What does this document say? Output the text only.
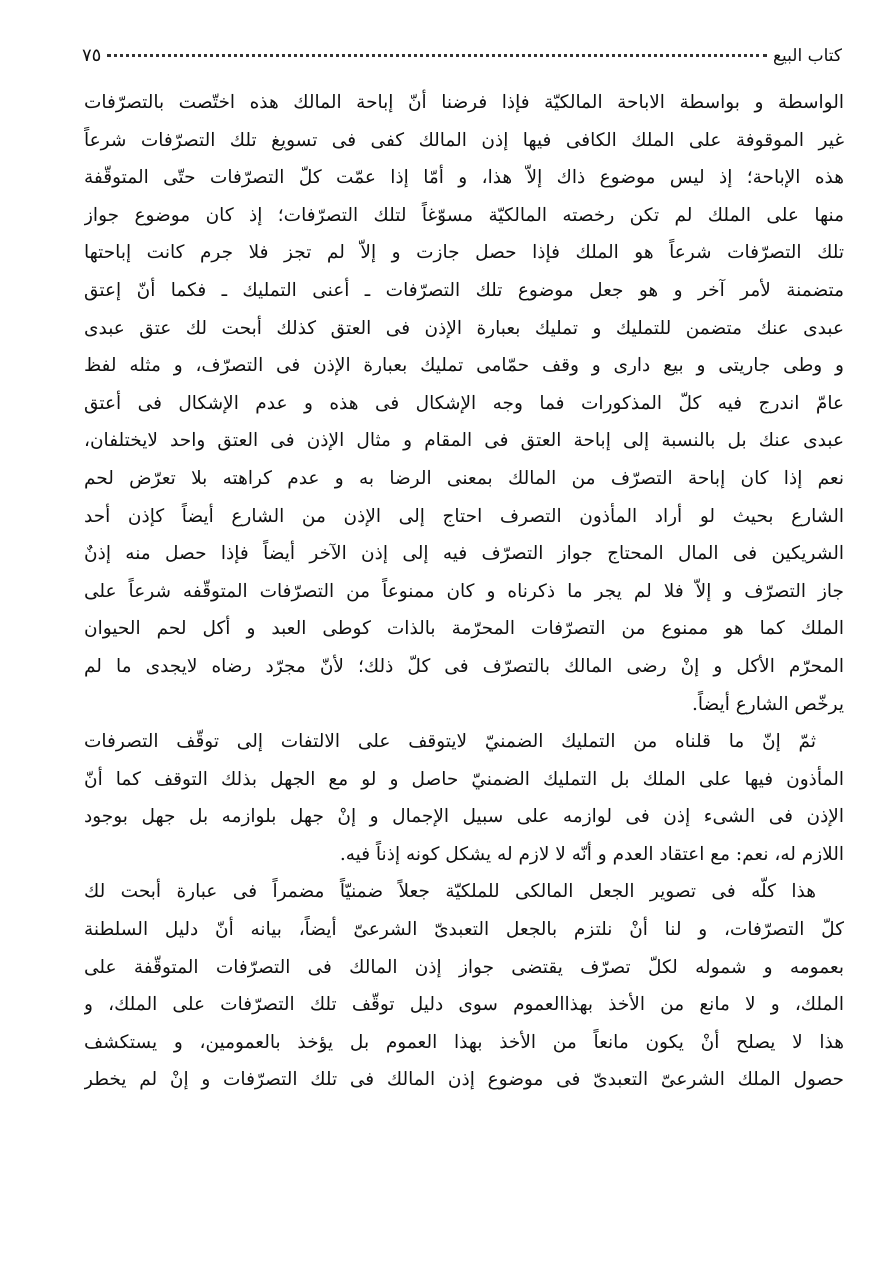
كتاب البيع
٧٥
الواسطة و بواسطة الاباحة المالكيّة فإذا فرضنا أنّ إباحة المالك هذه اختّصت بالتصرّفات
غير الموقوفة على الملك الكافى فيها إذن المالك كفى فى تسويغ تلك التصرّفات شرعاً
هذه الإباحة؛ إذ ليس موضوع ذاك إلاّ هذا، و أمّا إذا عمّت كلّ التصرّفات حتّى المتوقّفة
منها على الملك لم تكن رخصته المالكيّة مسوّغاً لتلك التصرّفات؛ إذ كان موضوع جواز
تلك التصرّفات شرعاً هو الملك فإذا حصل جازت و إلاّ لم تجز فلا جرم كانت إباحتها
متضمنة لأمر آخر و هو جعل موضوع تلك التصرّفات ـ أعنى التمليك ـ فكما أنّ إعتق
عبدى عنك متضمن للتمليك و تمليك بعبارة الإذن فى العتق كذلك أبحت لك عتق عبدى
و وطى جاريتى و بيع دارى و وقف حمّامى تمليك بعبارة الإذن فى التصرّف، و مثله لفظ
عامّ اندرج فيه كلّ المذكورات فما وجه الإشكال فى هذه و عدم الإشكال فى أعتق
عبدى عنك بل بالنسبة إلى إباحة العتق فى المقام و مثال الإذن فى العتق واحد لايختلفان،
نعم إذا كان إباحة التصرّف من المالك بمعنى الرضا به و عدم كراهته بلا تعرّض لحم
الشارع بحيث لو أراد المأذون التصرف احتاج إلى الإذن من الشارع أيضاً كإذن أحد
الشريكين فى المال المحتاج جواز التصرّف فيه إلى إذن الآخر أيضاً فإذا حصل منه إذنٌ
جاز التصرّف و إلاّ فلا لم يجر ما ذكرناه و كان ممنوعاً من التصرّفات المتوقّفه شرعاً على
الملك كما هو ممنوع من التصرّفات المحرّمة بالذات كوطى العبد و أكل لحم الحيوان
المحرّم الأكل و إنْ رضى المالك بالتصرّف فى كلّ ذلك؛ لأنّ مجرّد رضاه لايجدى ما لم
يرخّص الشارع أيضاً.
ثمّ إنّ ما قلناه من التمليك الضمنيّ لايتوقف على الالتفات إلى توقّف التصرفات
المأذون فيها على الملك بل التمليك الضمنيّ حاصل و لو مع الجهل بذلك التوقف كما أنّ
الإذن فى الشىء إذن فى لوازمه على سبيل الإجمال و إنْ جهل بلوازمه بل جهل بوجود
اللازم له، نعم: مع اعتقاد العدم و أنّه لا لازم له يشكل كونه إذناً فيه.
هذا كلّه فى تصوير الجعل المالكى للملكيّة جعلاً ضمنيّاً مضمراً فى عبارة أبحت لك
كلّ التصرّفات، و لنا أنْ نلتزم بالجعل التعبدىّ الشرعىّ أيضاً، بيانه أنّ دليل السلطنة
بعمومه و شموله لكلّ تصرّف يقتضى جواز إذن المالك فى التصرّفات المتوقّفة على
الملك، و لا مانع من الأخذ بهذاالعموم سوى دليل توقّف تلك التصرّفات على الملك، و
هذا لا يصلح أنْ يكون مانعاً من الأخذ بهذا العموم بل يؤخذ بالعمومين، و يستكشف
حصول الملك الشرعىّ التعبدىّ فى موضوع إذن المالك فى تلك التصرّفات و إنْ لم يخطر
